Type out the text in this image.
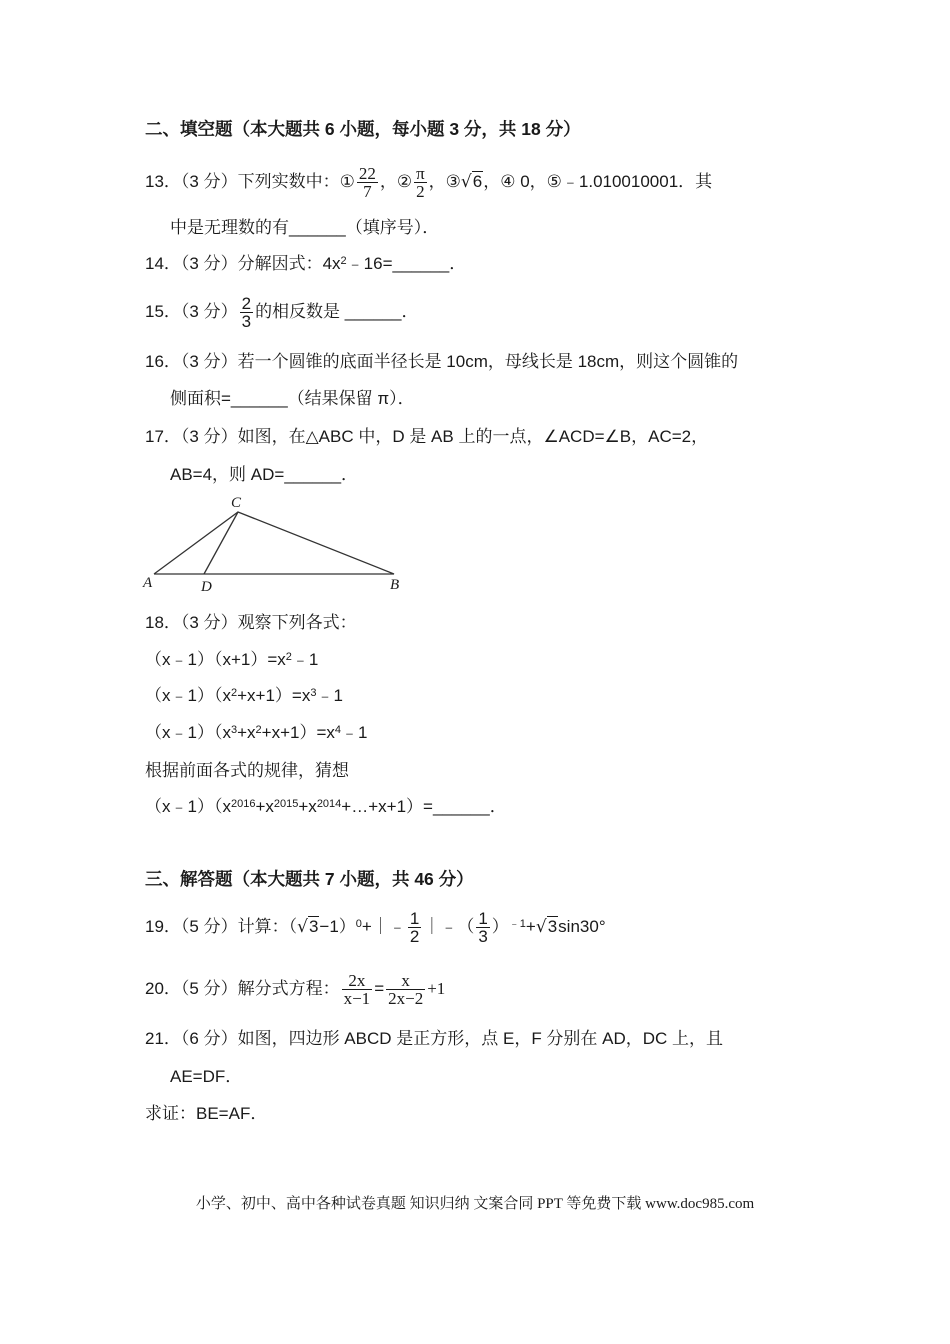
二、填空题（本大题共 6 小题，每小题 3 分，共 18 分）
13．（3 分）下列实数中：① $\frac{22}{7}$ ，② $\frac{\pi}{2}$ ，③√6，④ 0，⑤﹣1.010010001．其
中是无理数的有______（填序号）．
14．（3 分）分解因式：$4x^2﹣16=\_\_\_\_\_\_$．
15．（3 分） $\frac{2}{3}$ 的相反数是 ______．
16．（3 分）若一个圆锥的底面半径长是 10cm，母线长是 18cm，则这个圆锥的
侧面积=______（结果保留 π）．
17．（3 分）如图，在△ABC 中，D 是 AB 上的一点，∠ACD=∠B，AC=2，
AB=4，则 AD=______．
C
A	D	B
18．（3 分）观察下列各式：
$(x﹣1)(x+1)=x^2﹣1$
$(x﹣1)(x^2+x+1)=x^3﹣1$
$(x﹣1)(x^3+x^2+x+1)=x^4﹣1$
根据前面各式的规律，猜想
$(x﹣1)(x^{2016}+x^{2015}+x^{2014}+\dots+x+1)=\_\_\_\_\_\_$．
三、解答题（本大题共 7 小题，共 46 分）
19．（5 分）计算：$(√3-1)^0+|﹣ \frac{1}{2}$ ｜﹣（ $\frac{1}{3} )^{﹣1}+√3\sin 30^\circ$
20．（5 分）解分式方程： $\frac{2x}{x-1} = \frac{x}{2x-2} +1$
21．（6 分）如图，四边形 ABCD 是正方形，点 E，F 分别在 AD，DC 上，且
AE=DF．
求证：BE=AF．
小学、初中、高中各种试卷真题 知识归纳 文案合同 PPT 等免费下载 www.doc985.com
